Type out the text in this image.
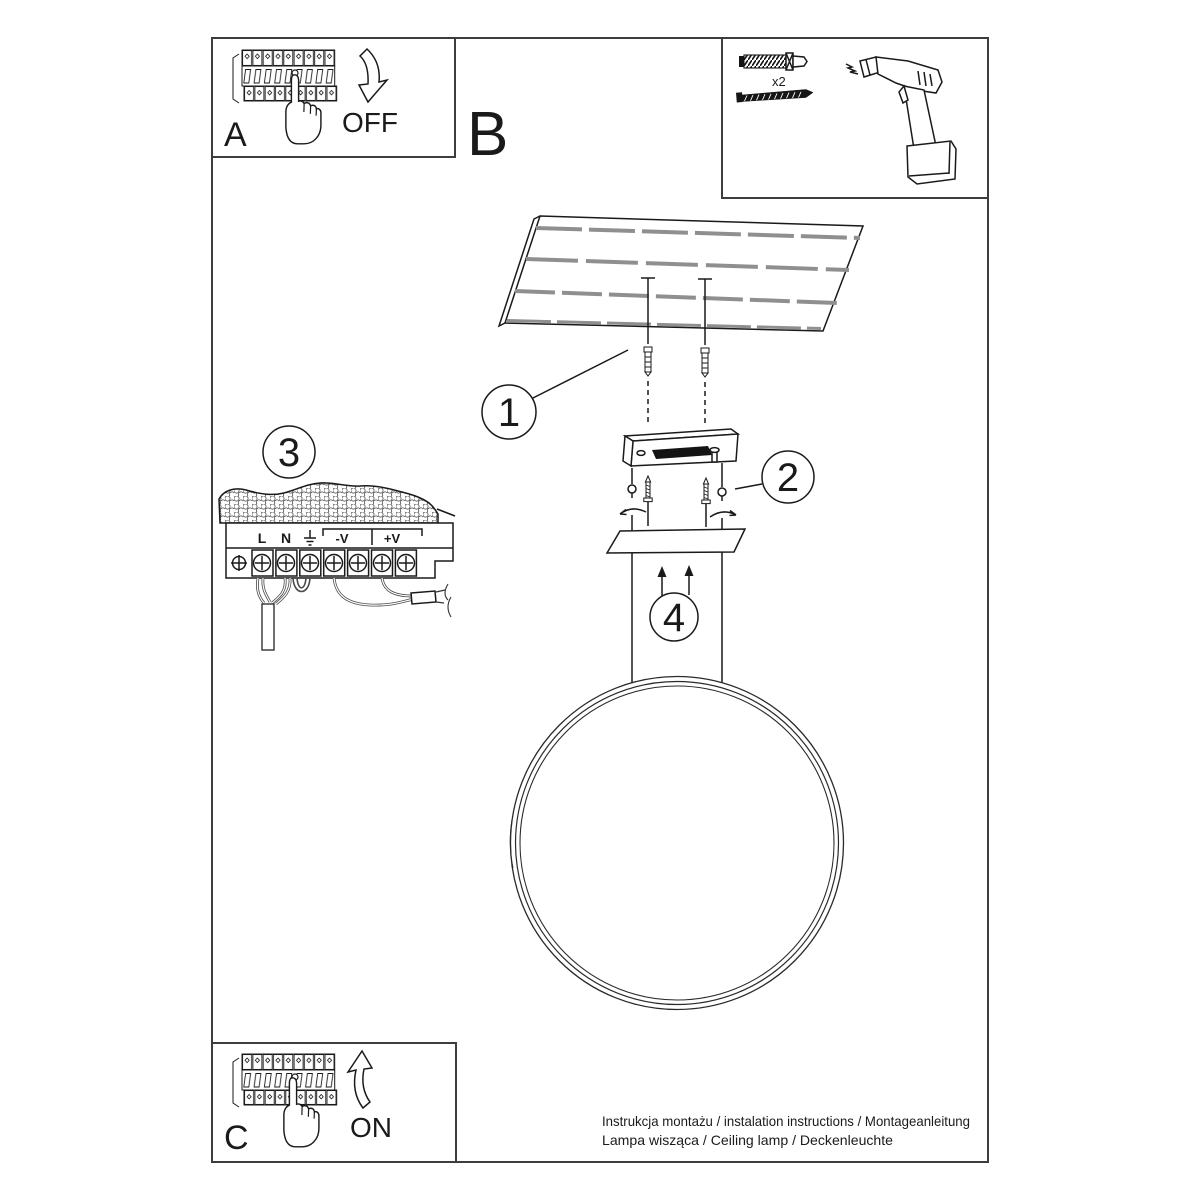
A	OFF B
x2
1
2
4
3
L N	-V	+V
C	ON	Instrukcja montażu / instalation instructions / Montageanleitung
Lampa wisząca / Ceiling lamp / Deckenleuchte
